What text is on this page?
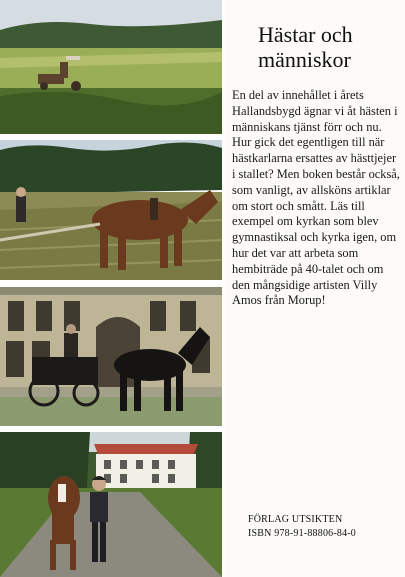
Hästar och människor

En del av innehållet i årets Hallandsbygd ägnar vi åt hästen i människans tjänst förr och nu. Hur gick det egentligen till när hästkarlarna ersattes av hästtjejer i stallet? Men boken består också, som vanligt, av allsköns artiklar om stort och smått. Läs till exempel om kyrkan som blev gymnastiksal och kyrka igen, om hur det var att arbeta som hembiträde på 40-talet och om den mångsidige artisten Villy Amos från Morup!

FÖRLAG UTSIKTEN
ISBN 978-91-88806-84-0
